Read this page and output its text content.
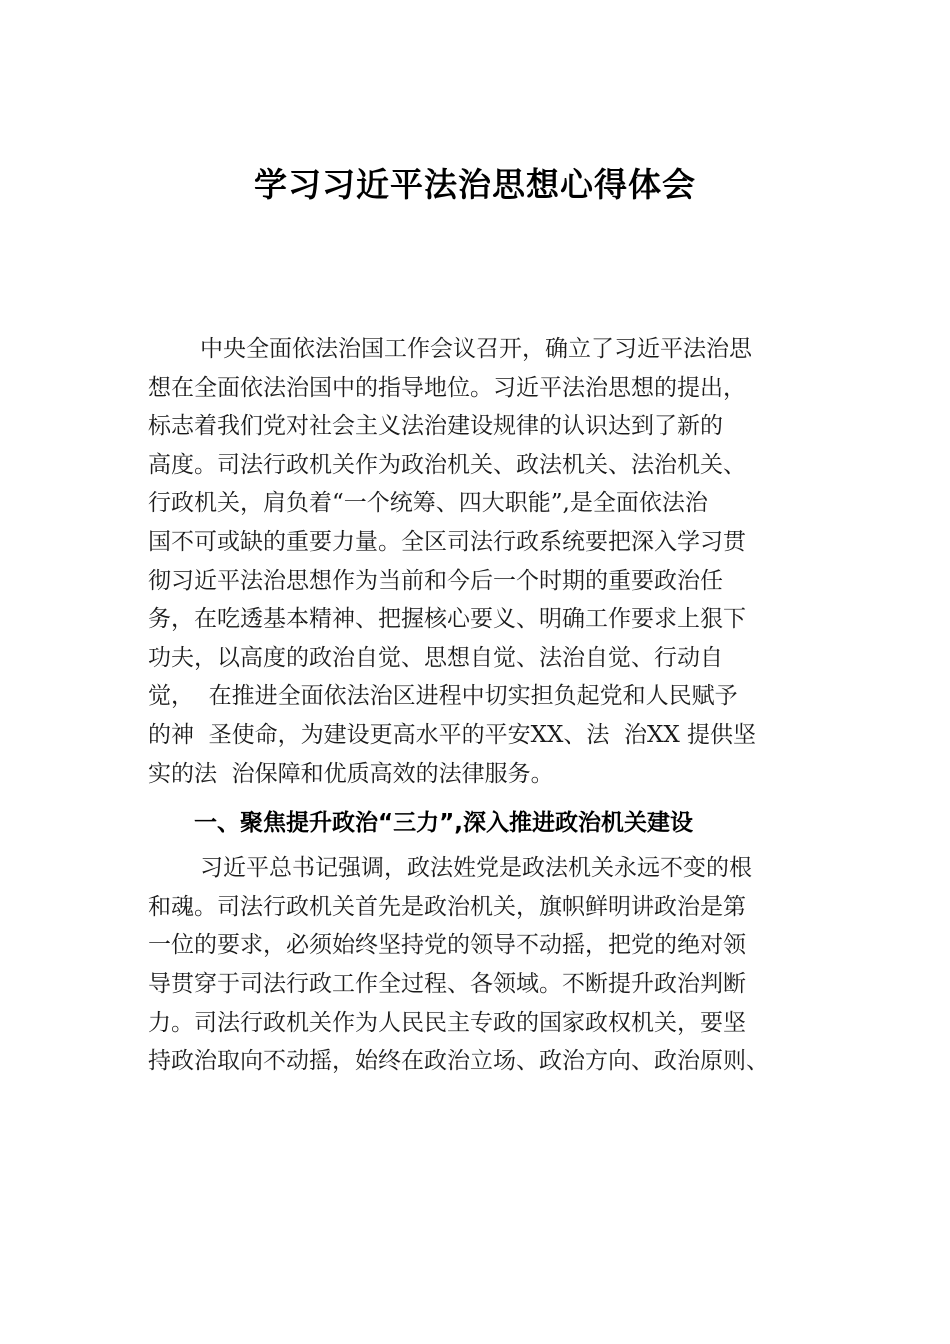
学习习近平法治思想心得体会
中央全面依法治国工作会议召开，确立了习近平法治思
想在全面依法治国中的指导地位。习近平法治思想的提出，
标志着我们党对社会主义法治建设规律的认识达到了新的
高度。司法行政机关作为政治机关、政法机关、法治机关、
行政机关，肩负着“一个统筹、四大职能”,是全面依法治
国不可或缺的重要力量。全区司法行政系统要把深入学习贯
彻习近平法治思想作为当前和今后一个时期的重要政治任
务，在吃透基本精神、把握核心要义、明确工作要求上狠下
功夫，以高度的政治自觉、思想自觉、法治自觉、行动自
觉，  在推进全面依法治区进程中切实担负起党和人民赋予
的神  圣使命，为建设更高水平的平安XX、法  治XX 提供坚
实的法  治保障和优质高效的法律服务。
一、聚焦提升政治“三力”,深入推进政治机关建设
习近平总书记强调，政法姓党是政法机关永远不变的根
和魂。司法行政机关首先是政治机关，旗帜鲜明讲政治是第
一位的要求，必须始终坚持党的领导不动摇，把党的绝对领
导贯穿于司法行政工作全过程、各领域。不断提升政治判断
力。司法行政机关作为人民民主专政的国家政权机关，要坚
持政治取向不动摇，始终在政治立场、政治方向、政治原则、
